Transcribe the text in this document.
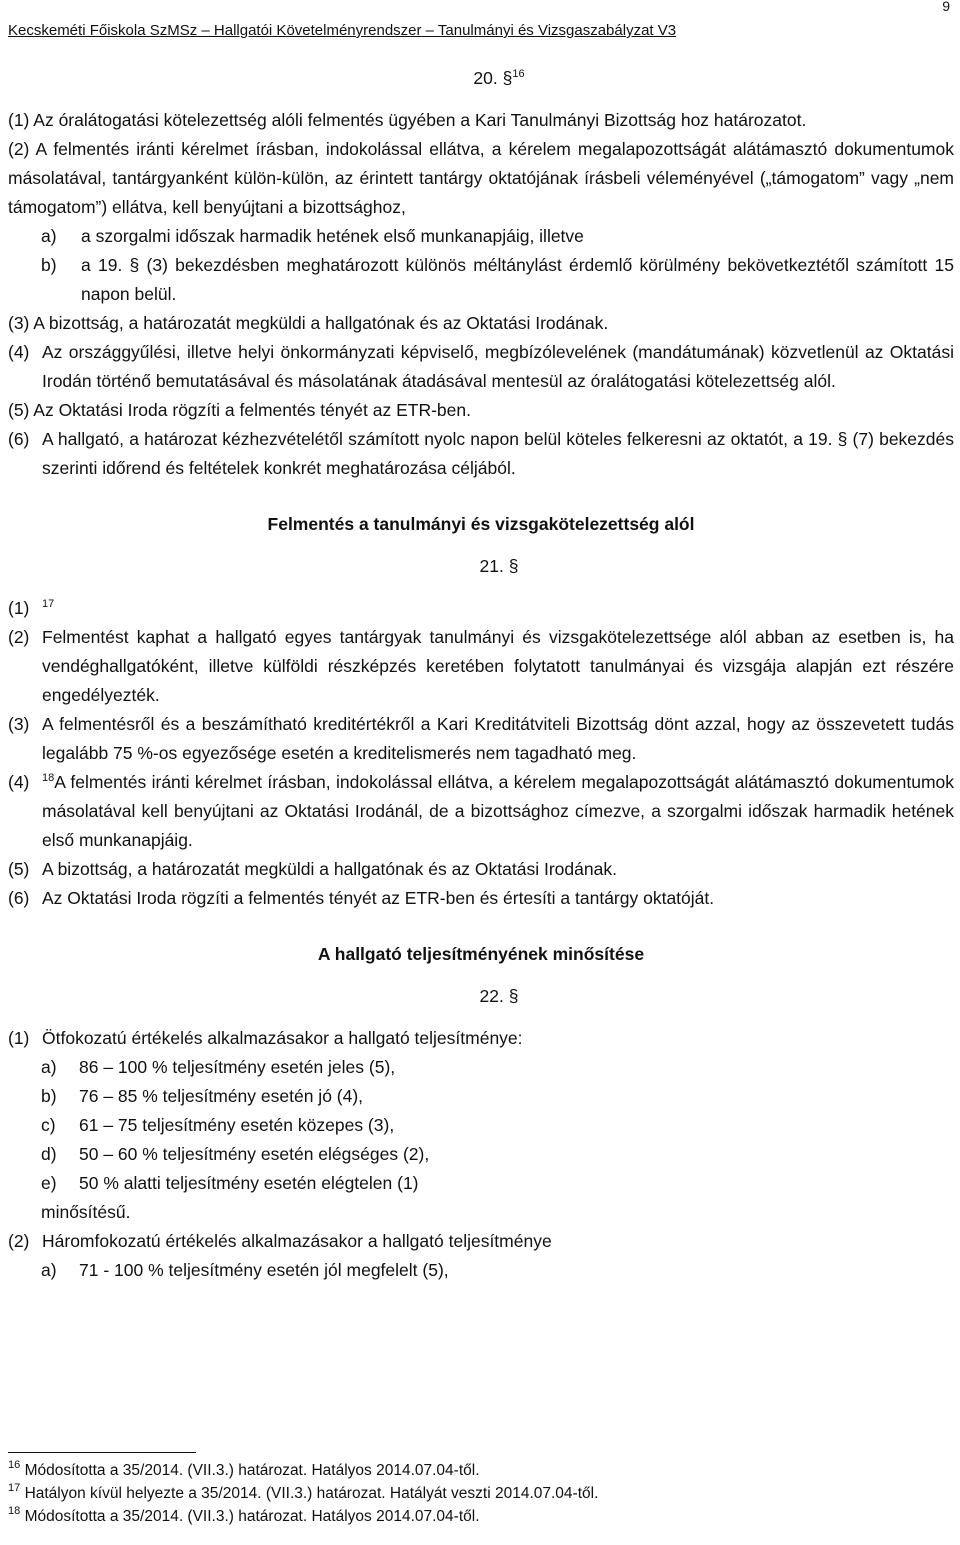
9
Kecskeméti Főiskola SzMSz – Hallgatói Követelményrendszer – Tanulmányi és Vizsgaszabályzat V3
20. §$^{16}$
(1) Az óralátogatási kötelezettség alóli felmentés ügyében a Kari Tanulmányi Bizottság hoz határozatot.
(2) A felmentés iránti kérelmet írásban, indokolással ellátva, a kérelem megalapozottságát alátámasztó dokumentumok másolatával, tantárgyanként külön-külön, az érintett tantárgy oktatójának írásbeli véleményével („támogatom” vagy „nem támogatom”) ellátva, kell benyújtani a bizottsághoz,
a)	a szorgalmi időszak harmadik hetének első munkanapjáig, illetve
b)	a 19. § (3) bekezdésben meghatározott különös méltánylást érdemlő körülmény bekövetkeztétől számított 15 napon belül.
(3) A bizottság, a határozatát megküldi a hallgatónak és az Oktatási Irodának.
(4) Az országgyűlési, illetve helyi önkormányzati képviselő, megbízólevelének (mandátumának) közvetlenül az Oktatási Irodán történő bemutatásával és másolatának átadásával mentesül az óralátogatási kötelezettség alól.
(5) Az Oktatási Iroda rögzíti a felmentés tényét az ETR-ben.
(6) A hallgató, a határozat kézhezvételétől számított nyolc napon belül köteles felkeresni az oktatót, a 19. § (7) bekezdés szerinti időrend és feltételek konkrét meghatározása céljából.
Felmentés a tanulmányi és vizsgakötelezettség alól
21. §
(1)	$^{17}$
(2) Felmentést kaphat a hallgató egyes tantárgyak tanulmányi és vizsgakötelezettsége alól abban az esetben is, ha vendéghallgatóként, illetve külföldi részképzés keretében folytatott tanulmányai és vizsgája alapján ezt részére engedélyezték.
(3) A felmentésről és a beszámítható kreditértékről a Kari Kreditátviteli Bizottság dönt azzal, hogy az összevetett tudás legalább 75 %-os egyezősége esetén a kreditelismerés nem tagadható meg.
(4)	$^{18}$A felmentés iránti kérelmet írásban, indokolással ellátva, a kérelem megalapozottságát alátámasztó dokumentumok másolatával kell benyújtani az Oktatási Irodánál, de a bizottsághoz címezve, a szorgalmi időszak harmadik hetének első munkanapjáig.
(5) A bizottság, a határozatát megküldi a hallgatónak és az Oktatási Irodának.
(6) Az Oktatási Iroda rögzíti a felmentés tényét az ETR-ben és értesíti a tantárgy oktatóját.
A hallgató teljesítményének minősítése
22. §
(1) Ötfokozatú értékelés alkalmazásakor a hallgató teljesítménye:
a)	86 – 100 % teljesítmény esetén jeles (5),
b)	76 – 85 % teljesítmény esetén jó (4),
c)	61 – 75 teljesítmény esetén közepes (3),
d)	50 – 60 % teljesítmény esetén elégséges (2),
e)	50 % alatti teljesítmény esetén elégtelen (1)
minősítésű.
(2) Háromfokozatú értékelés alkalmazásakor a hallgató teljesítménye
a)	71 - 100 % teljesítmény esetén jól megfelelt (5),
$^{16}$ Módosította a 35/2014. (VII.3.) határozat. Hatályos 2014.07.04-től.
$^{17}$ Hatályon kívül helyezte a 35/2014. (VII.3.) határozat. Hatályát veszti 2014.07.04-től.
$^{18}$ Módosította a 35/2014. (VII.3.) határozat. Hatályos 2014.07.04-től.
